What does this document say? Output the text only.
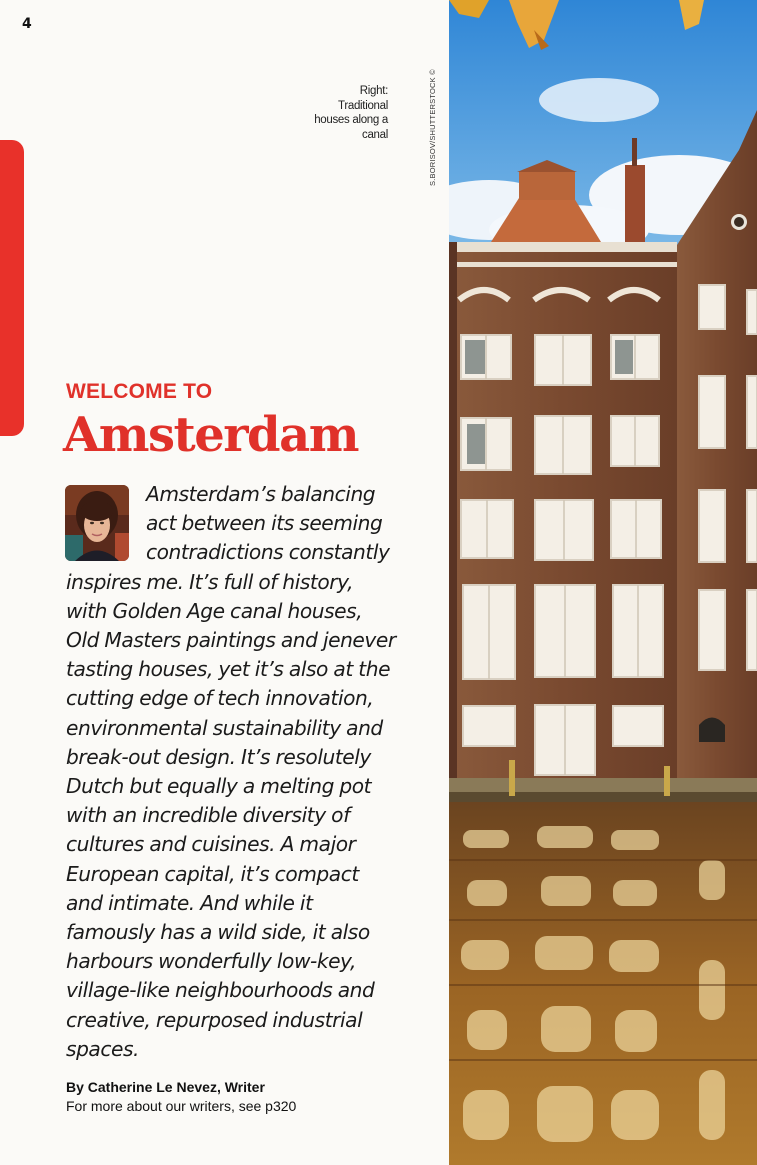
4
Right:
Traditional
houses along a
canal	S.BORISOV/SHUTTERSTOCK ©
WELCOME TO
Amsterdam
Amsterdam’s balancing act between its seeming contradictions constantly inspires me. It’s full of history, with Golden Age canal houses, Old Masters paintings and jenever tasting houses, yet it’s also at the cutting edge of tech innovation, environmental sustainability and break-out design. It’s resolutely Dutch but equally a melting pot with an incredible diversity of cultures and cuisines. A major European capital, it’s compact and intimate. And while it famously has a wild side, it also harbours wonderfully low-key, village-like neighbourhoods and creative, repurposed industrial spaces.
By Catherine Le Nevez, Writer
For more about our writers, see p320
